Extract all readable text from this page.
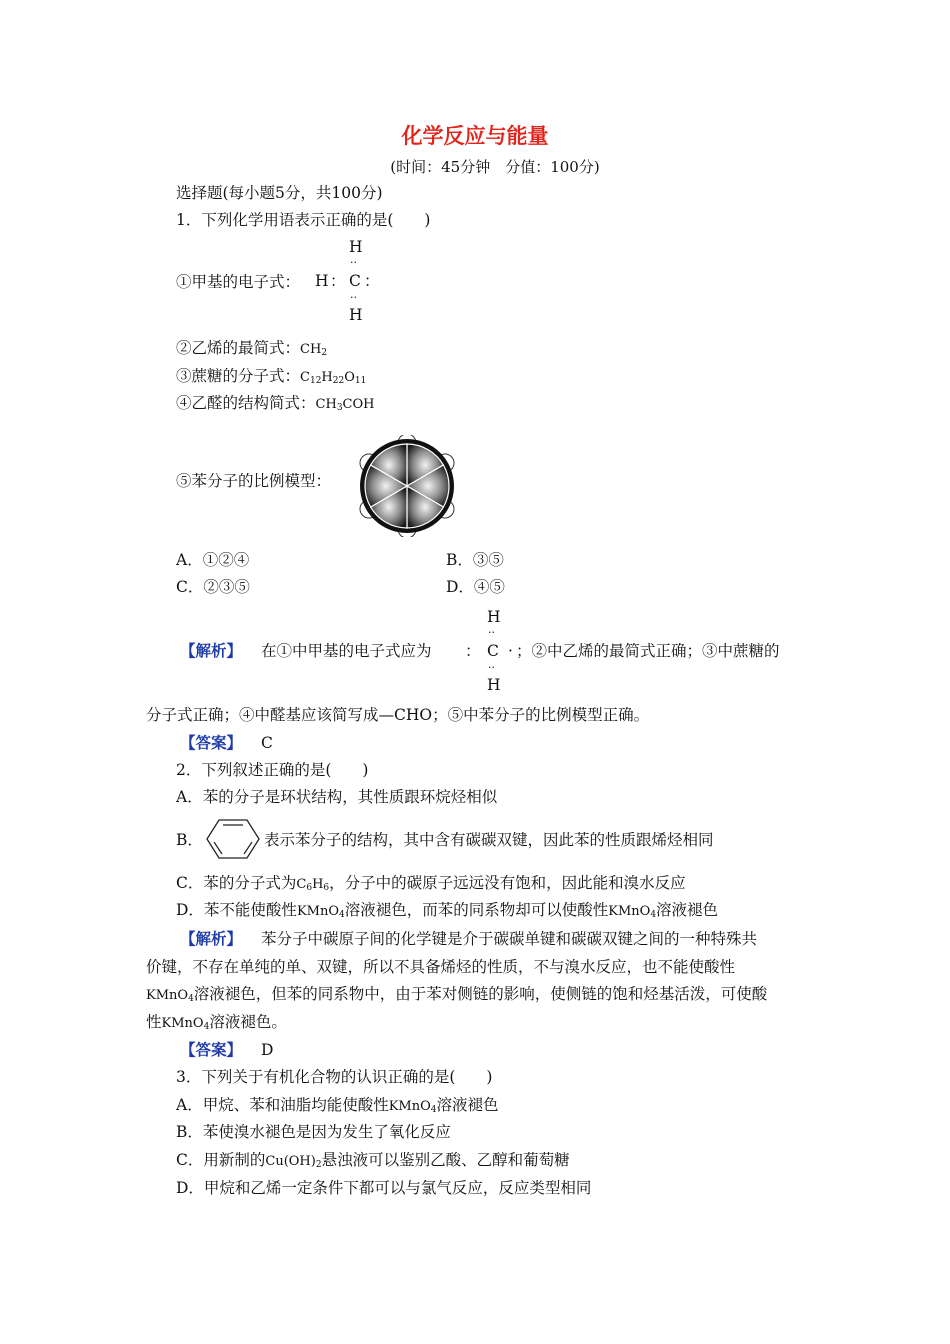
化学反应与能量
(时间：45分钟　分值：100分)
选择题(每小题5分，共100分)
1．下列化学用语表示正确的是(　　)
①甲基的电子式： H ：
H
··
C
··
H
：
②乙烯的最简式：$CH_2$
③蔗糖的分子式：$C_{12}H_{22}O_{11}$
④乙醛的结构简式：$CH_3COH$
⑤苯分子的比例模型：
A．①②④	B．③⑤
C．②③⑤	D．④⑤
【解析】 在①中甲基的电子式应为 ：
H
··
C
··
H
· ；②中乙烯的最简式正确；③中蔗糖的
分子式正确；④中醛基应该简写成—CHO；⑤中苯分子的比例模型正确。
【答案】 C
2．下列叙述正确的是(　　)
A．苯的分子是环状结构，其性质跟环烷烃相似
B．	表示苯分子的结构，其中含有碳碳双键，因此苯的性质跟烯烃相同
C．苯的分子式为$C_6H_6$，分子中的碳原子远远没有饱和，因此能和溴水反应
D．苯不能使酸性KMnO$_4$溶液褪色，而苯的同系物却可以使酸性KMnO$_4$溶液褪色
【解析】 苯分子中碳原子间的化学键是介于碳碳单键和碳碳双键之间的一种特殊共
价键，不存在单纯的单、双键，所以不具备烯烃的性质，不与溴水反应，也不能使酸性
KMnO$_4$溶液褪色，但苯的同系物中，由于苯对侧链的影响，使侧链的饱和烃基活泼，可使酸
性KMnO$_4$溶液褪色。
【答案】 D
3．下列关于有机化合物的认识正确的是(　　)
A．甲烷、苯和油脂均能使酸性KMnO$_4$溶液褪色
B．苯使溴水褪色是因为发生了氧化反应
C．用新制的$Cu(OH)_2$悬浊液可以鉴别乙酸、乙醇和葡萄糖
D．甲烷和乙烯一定条件下都可以与氯气反应，反应类型相同
